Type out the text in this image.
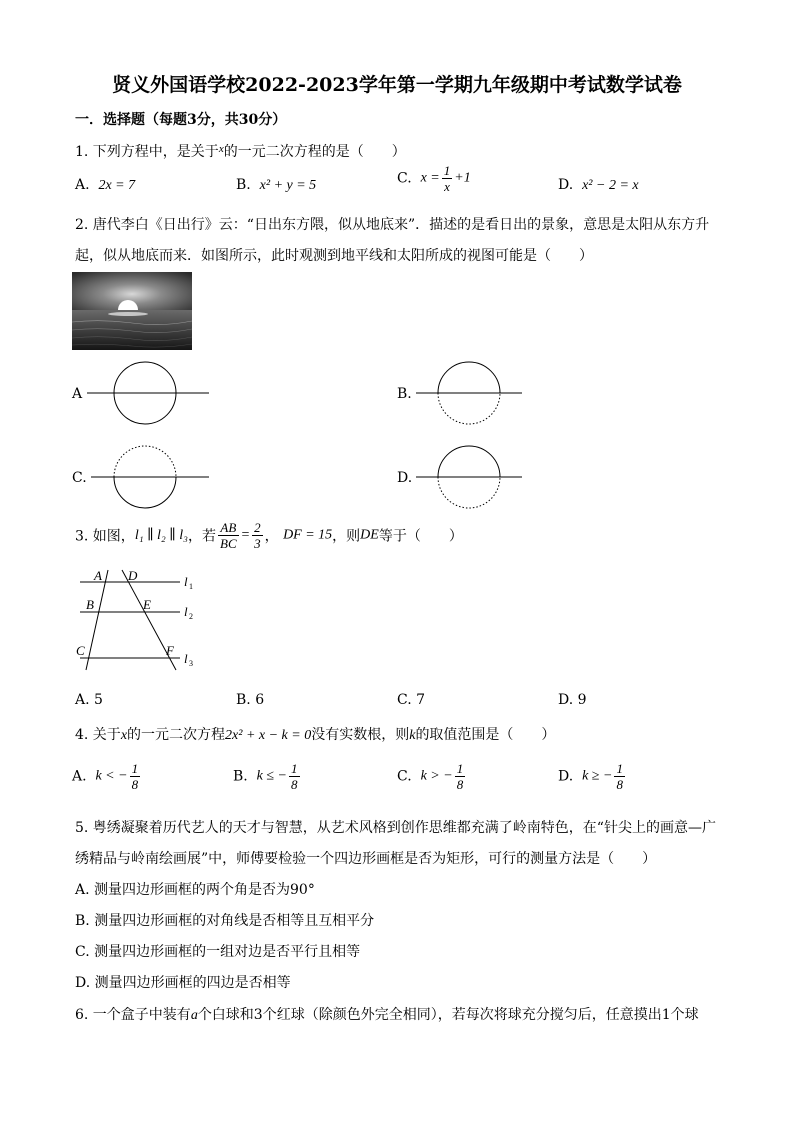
贤义外国语学校2022-2023学年第一学期九年级期中考试数学试卷
一．选择题（每题3分，共30分）
1. 下列方程中，是关于$^x$的一元二次方程的是（　　）
A. 2x = 7	B. x² + y = 5	C. $x = \frac{1}{x} +1$	D. x² − 2 = x
2. 唐代李白《日出行》云：“日出东方隈，似从地底来”．描述的是看日出的景象，意思是太阳从东方升
起，似从地底而来．如图所示，此时观测到地平线和太阳所成的视图可能是（　　）
A	B.
C.	D.
3. 如图，l₁ ∥ l₂ ∥ l₃，若 $\frac{AB}{BC} = \frac{2}{3}$ ， DF = 15，则DE等于（　　）
A D
B	E
C	F
l 1
l 2
l 3
A. 5	B. 6	C. 7	D. 9
4. 关于x的一元二次方程2x² + x − k = 0没有实数根，则k的取值范围是（　　）
A. k < − $\frac{1}{8}$	B. k ≤ − $\frac{1}{8}$	C. k > − $\frac{1}{8}$	D. k ≥ − $\frac{1}{8}$
5. 粤绣凝聚着历代艺人的天才与智慧，从艺术风格到创作思维都充满了岭南特色，在“针尖上的画意—广
绣精品与岭南绘画展”中，师傅要检验一个四边形画框是否为矩形，可行的测量方法是（　　）
A. 测量四边形画框的两个角是否为90°
B. 测量四边形画框的对角线是否相等且互相平分
C. 测量四边形画框的一组对边是否平行且相等
D. 测量四边形画框的四边是否相等
6. 一个盒子中装有a个白球和3个红球（除颜色外完全相同），若每次将球充分搅匀后，任意摸出1个球
